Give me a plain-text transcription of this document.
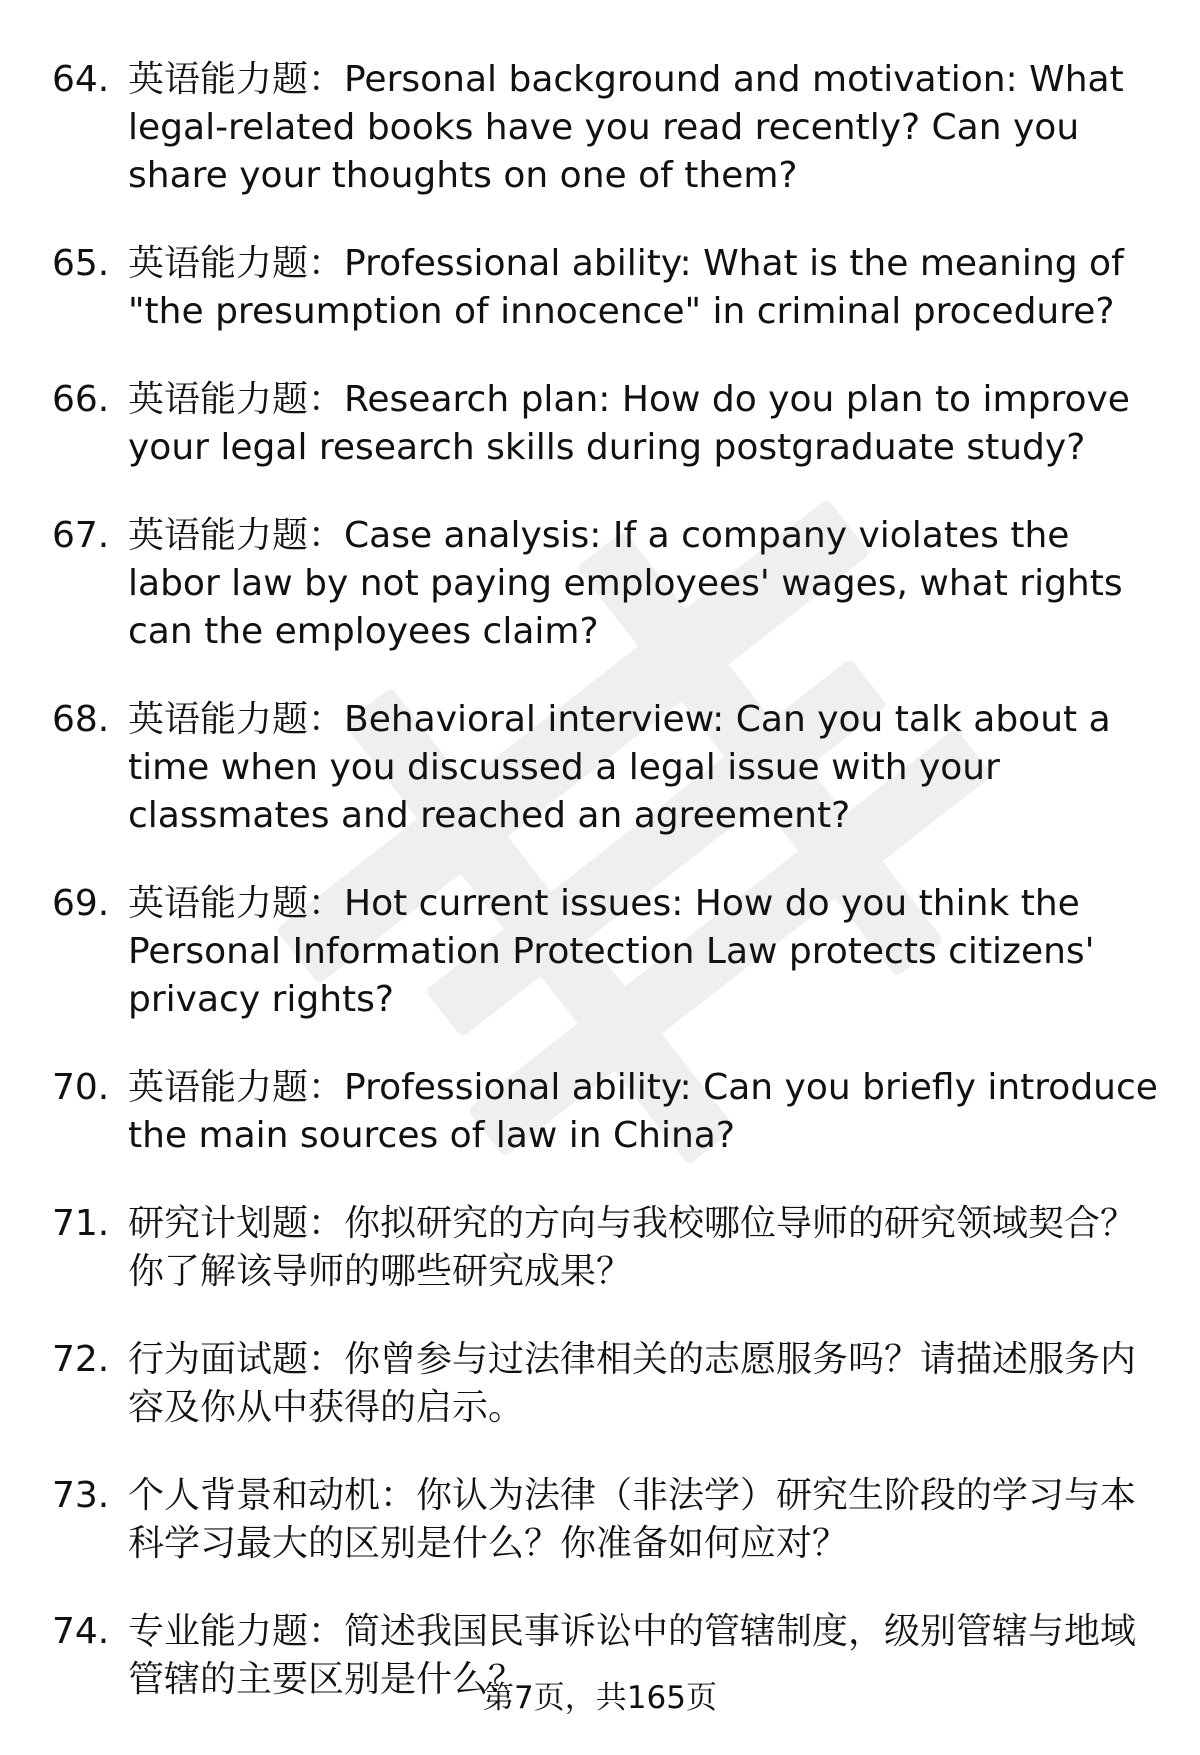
64. 英语能力题：Personal background and motivation: What legal-related books have you read recently? Can you share your thoughts on one of them?
65. 英语能力题：Professional ability: What is the meaning of "the presumption of innocence" in criminal procedure?
66. 英语能力题：Research plan: How do you plan to improve your legal research skills during postgraduate study?
67. 英语能力题：Case analysis: If a company violates the labor law by not paying employees' wages, what rights can the employees claim?
68. 英语能力题：Behavioral interview: Can you talk about a time when you discussed a legal issue with your classmates and reached an agreement?
69. 英语能力题：Hot current issues: How do you think the Personal Information Protection Law protects citizens' privacy rights?
70. 英语能力题：Professional ability: Can you briefly introduce the main sources of law in China?
71. 研究计划题：你拟研究的方向与我校哪位导师的研究领域契合？你了解该导师的哪些研究成果？
72. 行为面试题：你曾参与过法律相关的志愿服务吗？请描述服务内容及你从中获得的启示。
73. 个人背景和动机：你认为法律（非法学）研究生阶段的学习与本科学习最大的区别是什么？你准备如何应对？
74. 专业能力题：简述我国民事诉讼中的管辖制度，级别管辖与地域管辖的主要区别是什么？
第7页，共165页
